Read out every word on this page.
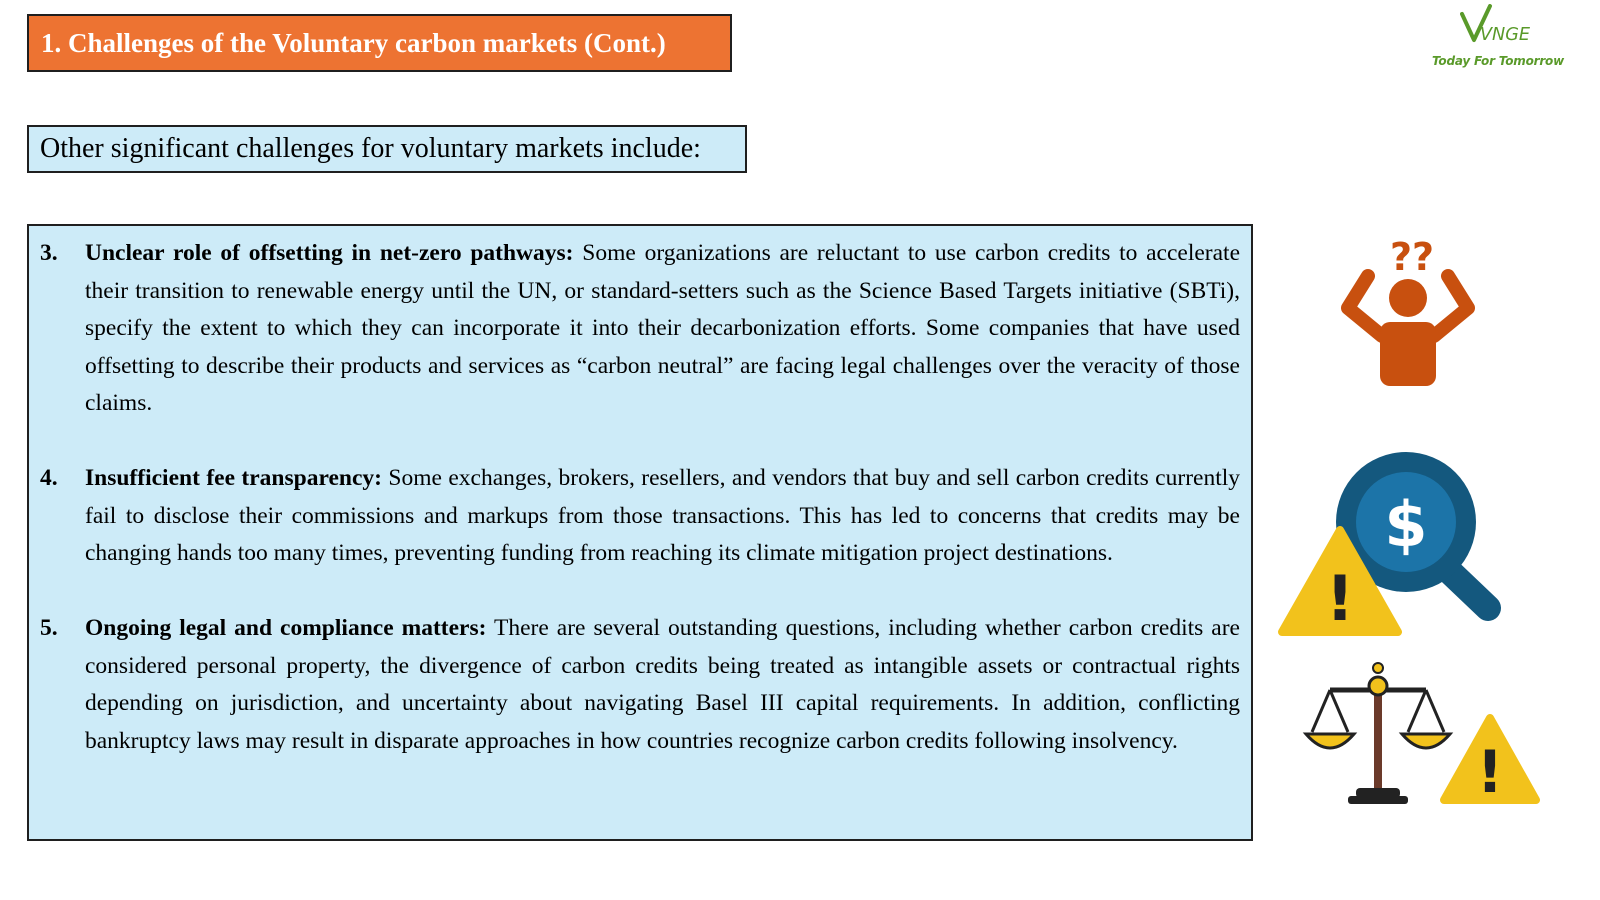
1. Challenges of the Voluntary carbon markets (Cont.)	VNGE
Today For Tomorrow
Other significant challenges for voluntary markets include:
3. Unclear role of offsetting in net-zero pathways: Some organizations are reluctant to use carbon credits to accelerate their transition to renewable energy until the UN, or standard-setters such as the Science Based Targets initiative (SBTi), specify the extent to which they can incorporate it into their decarbonization efforts. Some companies that have used offsetting to describe their products and services as “carbon neutral” are facing legal challenges over the veracity of those claims.
4. Insufficient fee transparency: Some exchanges, brokers, resellers, and vendors that buy and sell carbon credits currently fail to disclose their commissions and markups from those transactions. This has led to concerns that credits may be changing hands too many times, preventing funding from reaching its climate mitigation project destinations.
5. Ongoing legal and compliance matters: There are several outstanding questions, including whether carbon credits are considered personal property, the divergence of carbon credits being treated as intangible assets or contractual rights depending on jurisdiction, and uncertainty about navigating Basel III capital requirements. In addition, conflicting bankruptcy laws may result in disparate approaches in how countries recognize carbon credits following insolvency.
??
$
!
!
